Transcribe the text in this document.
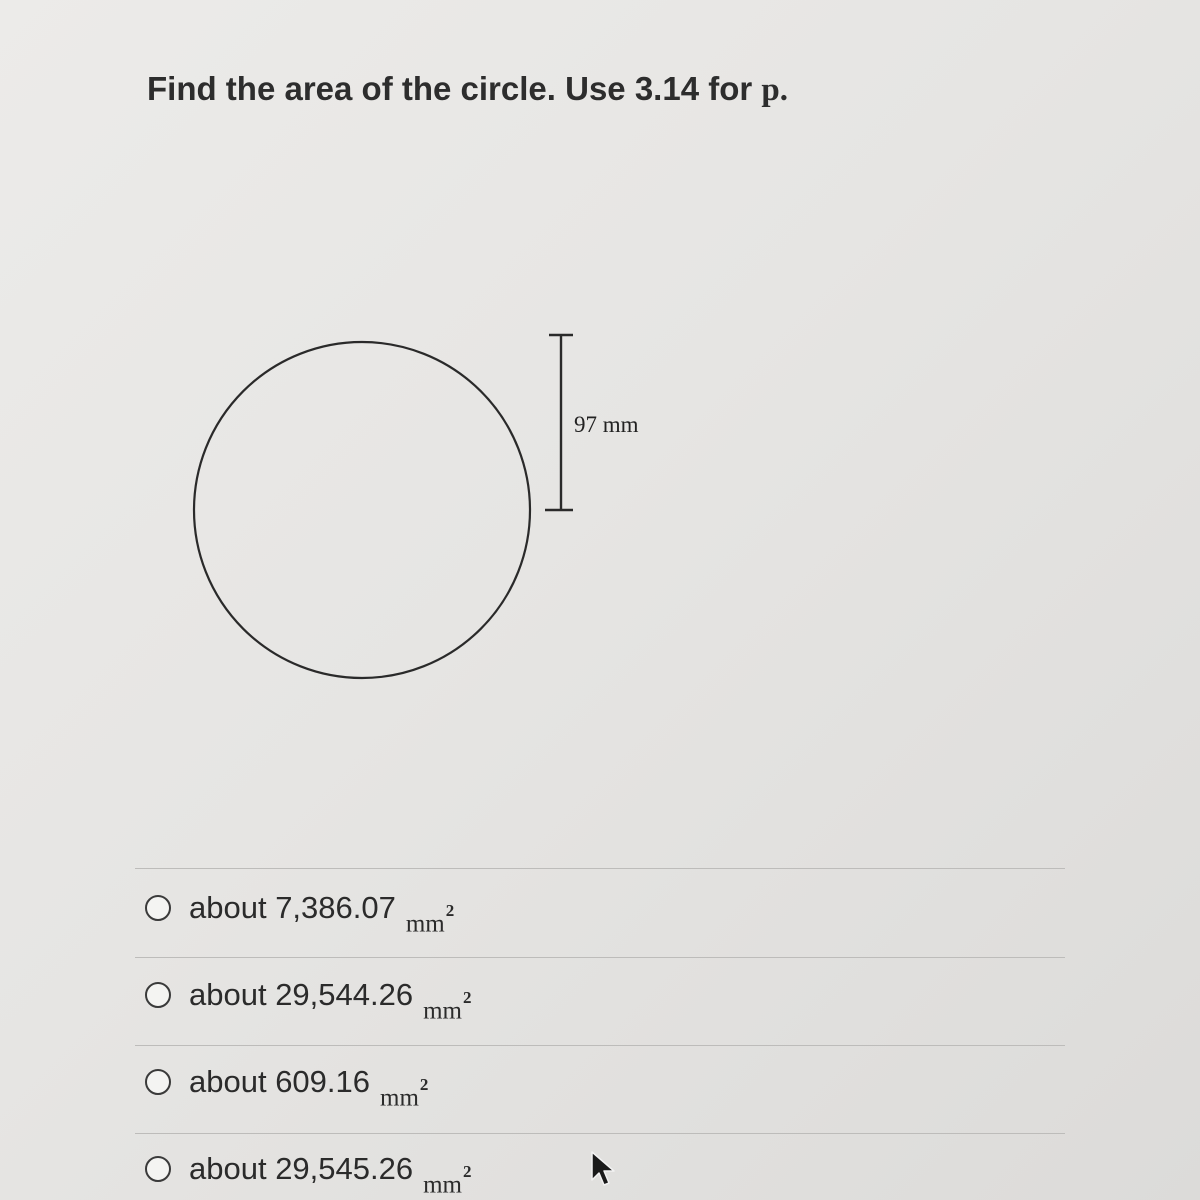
Find the area of the circle. Use 3.14 for p.
97 mm
about 7,386.07 $mm^2$
about 29,544.26 $mm^2$
about 609.16 $mm^2$
about 29,545.26 $mm^2$
